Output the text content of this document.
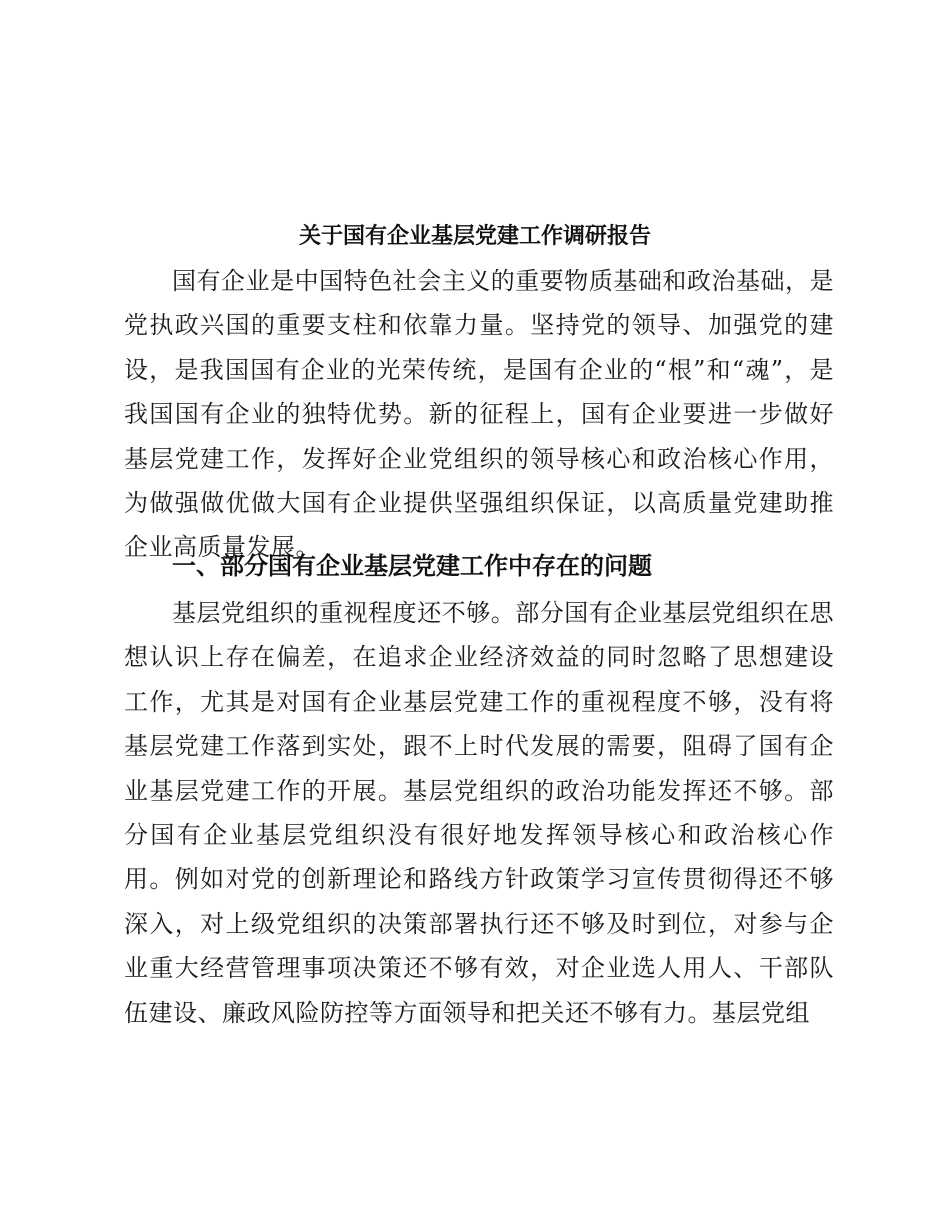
关于国有企业基层党建工作调研报告

国有企业是中国特色社会主义的重要物质基础和政治基础，是党执政兴国的重要支柱和依靠力量。坚持党的领导、加强党的建设，是我国国有企业的光荣传统，是国有企业的“根”和“魂”，是我国国有企业的独特优势。新的征程上，国有企业要进一步做好基层党建工作，发挥好企业党组织的领导核心和政治核心作用，为做强做优做大国有企业提供坚强组织保证，以高质量党建助推企业高质量发展。

一、部分国有企业基层党建工作中存在的问题

基层党组织的重视程度还不够。部分国有企业基层党组织在思想认识上存在偏差，在追求企业经济效益的同时忽略了思想建设工作，尤其是对国有企业基层党建工作的重视程度不够，没有将基层党建工作落到实处，跟不上时代发展的需要，阻碍了国有企业基层党建工作的开展。基层党组织的政治功能发挥还不够。部分国有企业基层党组织没有很好地发挥领导核心和政治核心作用。例如对党的创新理论和路线方针政策学习宣传贯彻得还不够深入，对上级党组织的决策部署执行还不够及时到位，对参与企业重大经营管理事项决策还不够有效，对企业选人用人、干部队伍建设、廉政风险防控等方面领导和把关还不够有力。基层党组
